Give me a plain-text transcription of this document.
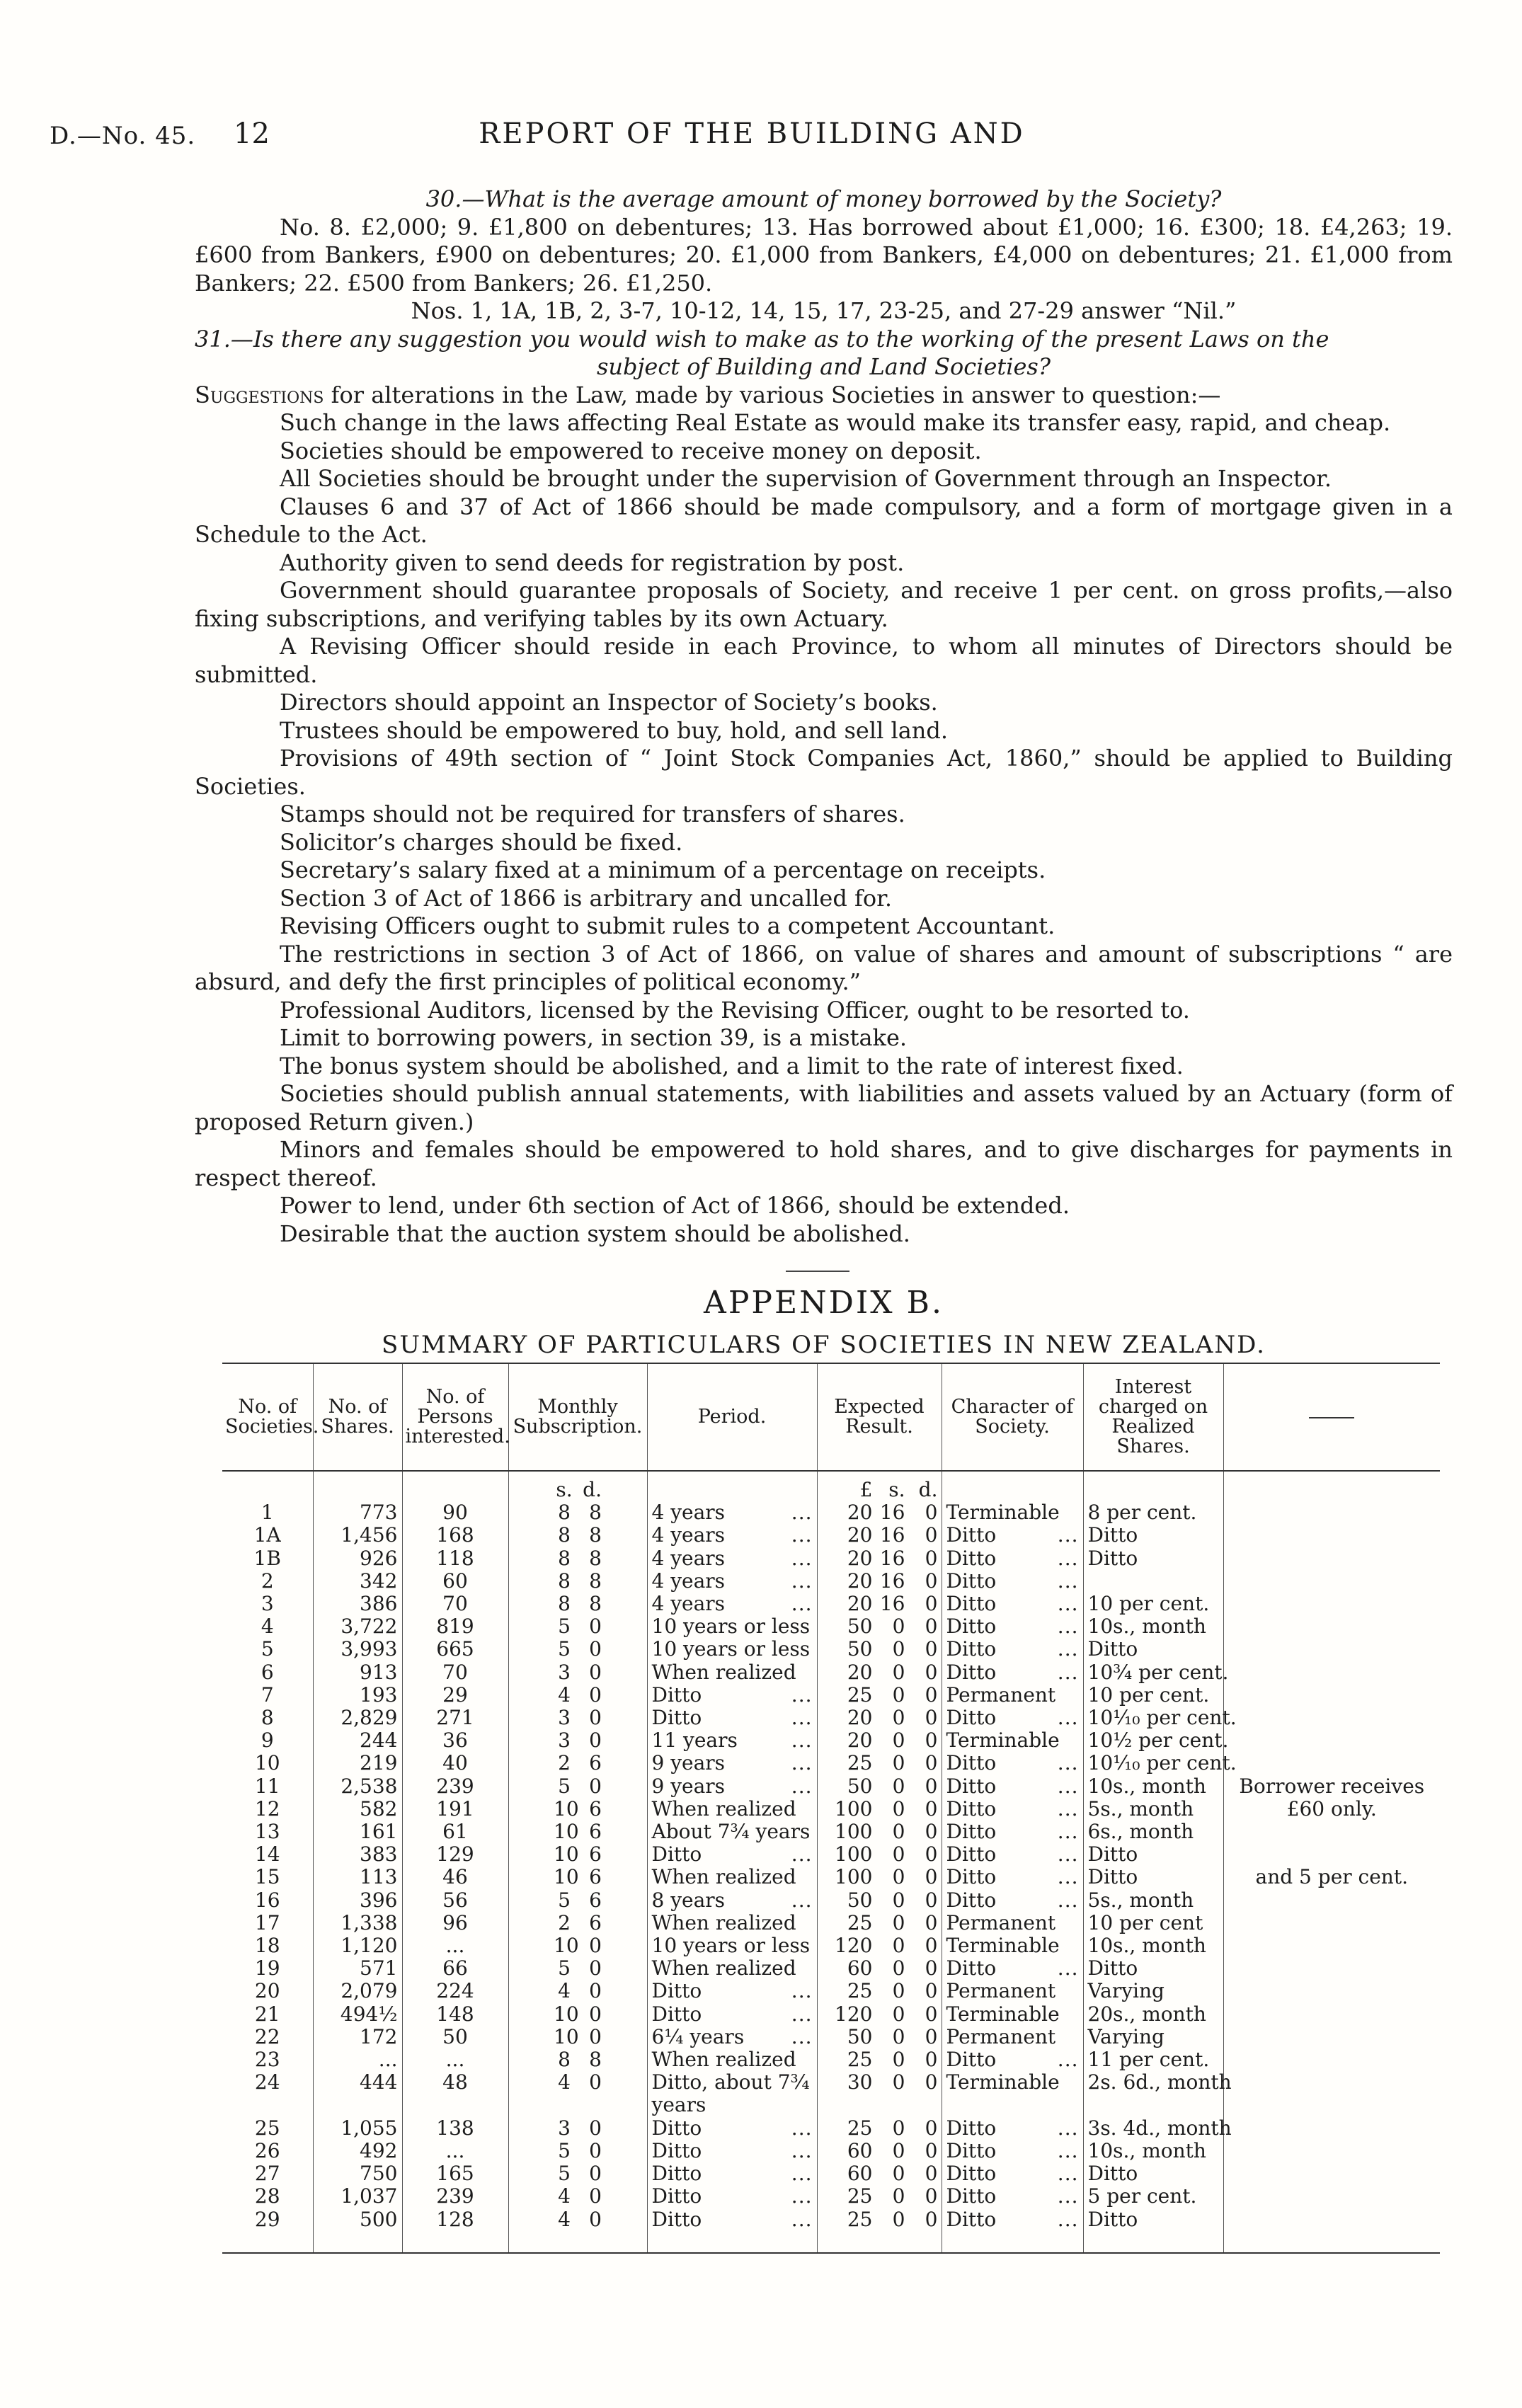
D.—No. 45. 12	REPORT OF THE BUILDING AND
30.—What is the average amount of money borrowed by the Society?
No. 8. £2,000; 9. £1,800 on debentures; 13. Has borrowed about £1,000; 16. £300; 18. £4,263; 19. £600 from Bankers, £900 on debentures; 20. £1,000 from Bankers, £4,000 on debentures; 21. £1,000 from Bankers; 22. £500 from Bankers; 26. £1,250.
Nos. 1, 1A, 1B, 2, 3-7, 10-12, 14, 15, 17, 23-25, and 27-29 answer “Nil.”
31.—Is there any suggestion you would wish to make as to the working of the present Laws on the
subject of Building and Land Societies?
Suggestions for alterations in the Law, made by various Societies in answer to question:—
Such change in the laws affecting Real Estate as would make its transfer easy, rapid, and cheap.
Societies should be empowered to receive money on deposit.
All Societies should be brought under the supervision of Government through an Inspector.
Clauses 6 and 37 of Act of 1866 should be made compulsory, and a form of mortgage given in a Schedule to the Act.
Authority given to send deeds for registration by post.
Government should guarantee proposals of Society, and receive 1 per cent. on gross profits,—also fixing subscriptions, and verifying tables by its own Actuary.
A Revising Officer should reside in each Province, to whom all minutes of Directors should be submitted.
Directors should appoint an Inspector of Society’s books.
Trustees should be empowered to buy, hold, and sell land.
Provisions of 49th section of “ Joint Stock Companies Act, 1860,” should be applied to Building Societies.
Stamps should not be required for transfers of shares.
Solicitor’s charges should be fixed.
Secretary’s salary fixed at a minimum of a percentage on receipts.
Section 3 of Act of 1866 is arbitrary and uncalled for.
Revising Officers ought to submit rules to a competent Accountant.
The restrictions in section 3 of Act of 1866, on value of shares and amount of subscriptions “ are absurd, and defy the first principles of political economy.”
Professional Auditors, licensed by the Revising Officer, ought to be resorted to.
Limit to borrowing powers, in section 39, is a mistake.
The bonus system should be abolished, and a limit to the rate of interest fixed.
Societies should publish annual statements, with liabilities and assets valued by an Actuary (form of proposed Return given.)
Minors and females should be empowered to hold shares, and to give discharges for payments in respect thereof.
Power to lend, under 6th section of Act of 1866, should be extended.
Desirable that the auction system should be abolished.
APPENDIX B.
SUMMARY OF PARTICULARS OF SOCIETIES IN NEW ZEALAND.
No. of Societies.	No. of Shares.	No. of Persons interested.	Monthly Subscription.	Period.	Expected Result.	Character of Society.	Interest charged on Realized Shares.	
			s. d.		£ s. d.			
1	773	90	8 8	4 years ...	20 16 0	Terminable	8 per cent.	
1A	1,456	168	8 8	4 years ...	20 16 0	Ditto ...	Ditto	
1B	926	118	8 8	4 years ...	20 16 0	Ditto ...	Ditto	
2	342	60	8 8	4 years ...	20 16 0	Ditto ...		

3	386	70	8 8	4 years ...	20 16 0	Ditto ...	10 per cent.	
4	3,722	819	5 0	10 years or less	50 0 0	Ditto ...	10s., month	
5	3,993	665	5 0	10 years or less	50 0 0	Ditto ...	Ditto	
6	913	70	3 0	When realized	20 0 0	Ditto ...	10¾ per cent.	
7	193	29	4 0	Ditto ...	25 0 0	Permanent	10 per cent.	
8	2,829	271	3 0	Ditto ...	20 0 0	Ditto ...	10⅒ per cent.	
9	244	36	3 0	11 years ...	20 0 0	Terminable	10½ per cent.	
10	219	40	2 6	9 years ...	25 0 0	Ditto ...	10⅒ per cent.	
11	2,538	239	5 0	9 years ...	50 0 0	Ditto ...	10s., month	Borrower receives
12	582	191	10 6	When realized	100 0 0	Ditto ...	5s., month	£60 only.
13	161	61	10 6	About 7¾ years	100 0 0	Ditto ...	6s., month	
14	383	129	10 6	Ditto ...	100 0 0	Ditto ...	Ditto	
15	113	46	10 6	When realized	100 0 0	Ditto ...	Ditto	and 5 per cent.
16	396	56	5 6	8 years ...	50 0 0	Ditto ...	5s., month	
17	1,338	96	2 6	When realized	25 0 0	Permanent	10 per cent	
18	1,120	...	10 0	10 years or less	120 0 0	Terminable	10s., month	
19	571	66	5 0	When realized	60 0 0	Ditto ...	Ditto	
20	2,079	224	4 0	Ditto ...	25 0 0	Permanent	Varying	
21	494½	148	10 0	Ditto ...	120 0 0	Terminable	20s., month	
22	172	50	10 0	6¼ years ...	50 0 0	Permanent	Varying	
23	...	...	8 8	When realized	25 0 0	Ditto ...	11 per cent.	
24	444	48	4 0	Ditto, about 7¾	30 0 0	Terminable	2s. 6d., month	

				years				

25	1,055	138	3 0	Ditto ...	25 0 0	Ditto ...	3s. 4d., month	
26	492	...	5 0	Ditto ...	60 0 0	Ditto ...	10s., month	
27	750	165	5 0	Ditto ...	60 0 0	Ditto ...	Ditto	
28	1,037	239	4 0	Ditto ...	25 0 0	Ditto ...	5 per cent.	
29	500	128	4 0	Ditto ...	25 0 0	Ditto ...	Ditto	
